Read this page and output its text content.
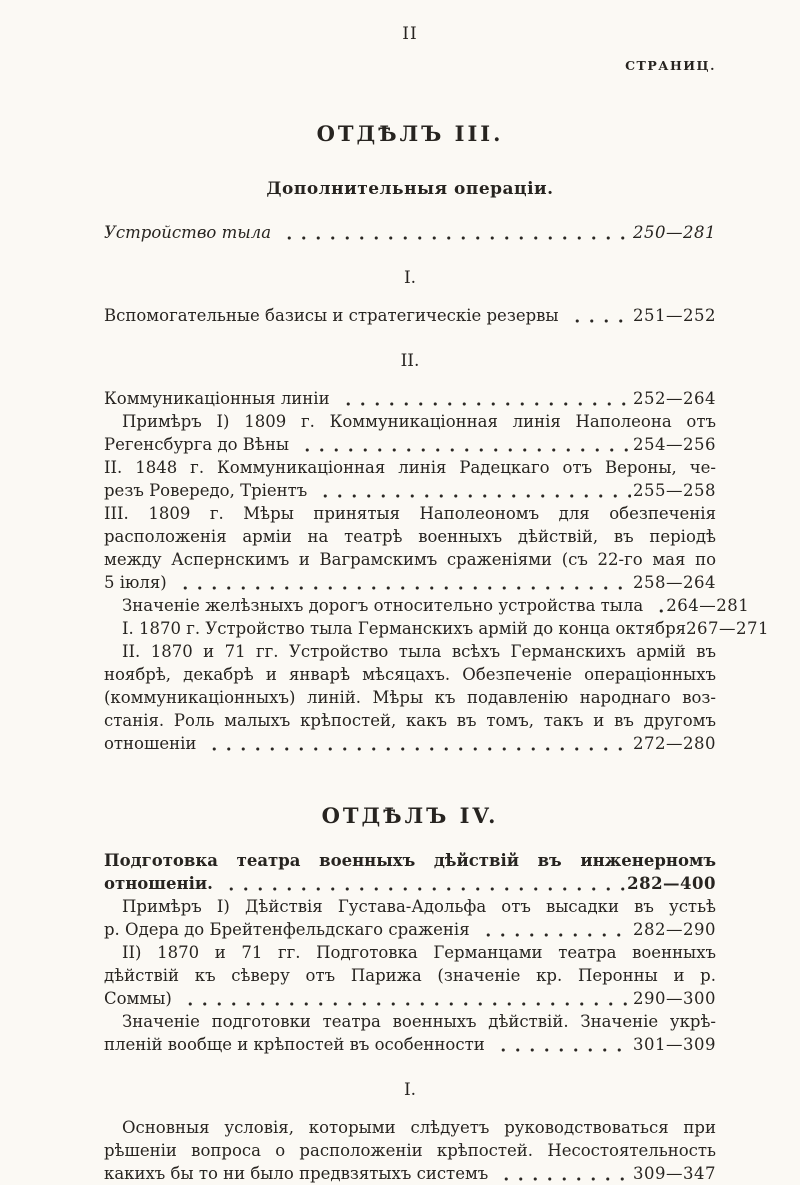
II
СТРАНИЦ.
ОТДѢЛЪ III.
Дополнительныя операціи.
Устройство тыла	250—281
I.
Вспомогательные базисы и стратегическіе резервы	251—252
II.
Коммуникаціонныя линіи	252—264
Примѣръ I) 1809 г. Коммуникаціонная линія Наполеона отъ
Регенсбурга до Вѣны	254—256
II. 1848 г. Коммуникаціонная линія Радецкаго отъ Вероны, че-
резъ Ровередо, Тріентъ	255—258
III. 1809 г. Мѣры принятыя Наполеономъ для обезпеченія
расположенія арміи на театрѣ военныхъ дѣйствій, въ періодѣ
между Аспернскимъ и Ваграмскимъ сраженіями (съ 22-го мая по
5 іюля)	258—264
Значеніе желѣзныхъ дорогъ относительно устройства тыла 264—281
I. 1870 г. Устройство тыла Германскихъ армій до конца октября 267—271
II. 1870 и 71 гг. Устройство тыла всѣхъ Германскихъ армій въ
ноябрѣ, декабрѣ и январѣ мѣсяцахъ. Обезпеченіе операціонныхъ
(коммуникаціонныхъ) линій. Мѣры къ подавленію народнаго воз-
станія. Роль малыхъ крѣпостей, какъ въ томъ, такъ и въ другомъ
отношеніи	272—280
ОТДѢЛЪ IV.
Подготовка театра военныхъ дѣйствій въ инженерномъ
отношеніи.	282—400
Примѣръ I) Дѣйствія Густава-Адольфа отъ высадки въ устьѣ
р. Одера до Брейтенфельдскаго сраженія	282—290
II) 1870 и 71 гг. Подготовка Германцами театра военныхъ
дѣйствій къ сѣверу отъ Парижа (значеніе кр. Перонны и р.
Соммы)	290—300
Значеніе подготовки театра военныхъ дѣйствій. Значеніе укрѣ-
пленій вообще и крѣпостей въ особенности	301—309
I.
Основныя условія, которыми слѣдуетъ руководствоваться при
рѣшеніи вопроса о расположеніи крѣпостей. Несостоятельность
какихъ бы то ни было предвзятыхъ системъ	309—347
